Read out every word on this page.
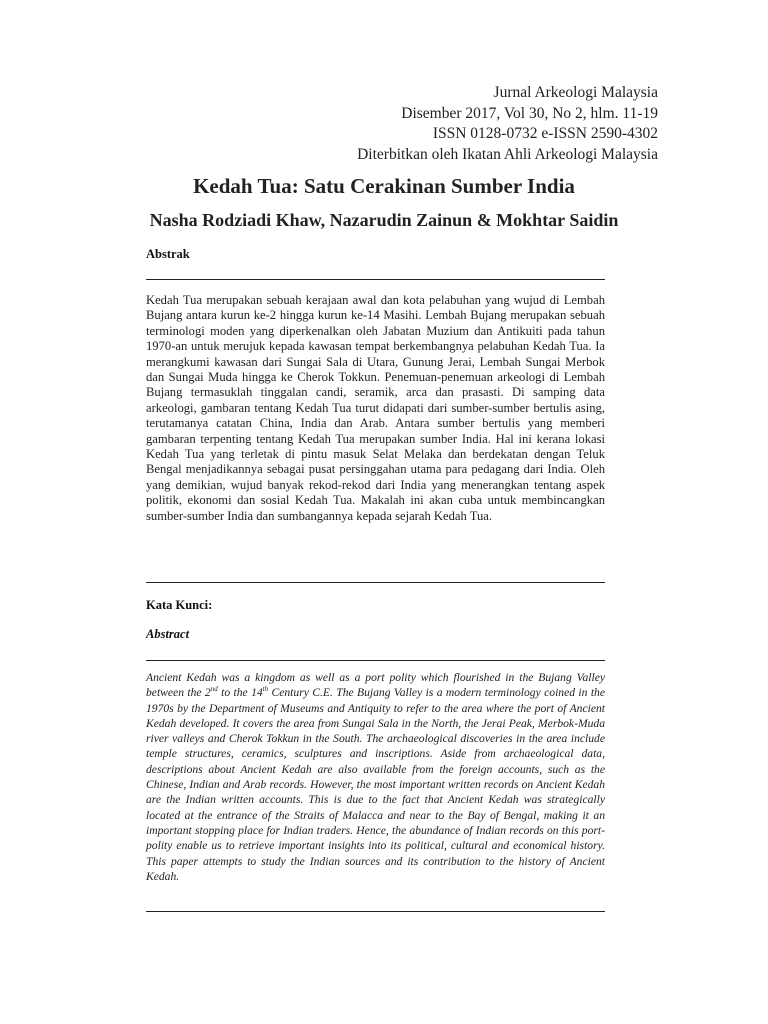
Jurnal Arkeologi Malaysia
Disember 2017, Vol 30, No 2, hlm. 11-19
ISSN 0128-0732 e-ISSN 2590-4302
Diterbitkan oleh Ikatan Ahli Arkeologi Malaysia
Kedah Tua: Satu Cerakinan Sumber India
Nasha Rodziadi Khaw, Nazarudin Zainun & Mokhtar Saidin
Abstrak
Kedah Tua merupakan sebuah kerajaan awal dan kota pelabuhan yang wujud di Lembah Bujang antara kurun ke-2 hingga kurun ke-14 Masihi. Lembah Bujang merupakan sebuah terminologi moden yang diperkenalkan oleh Jabatan Muzium dan Antikuiti pada tahun 1970-an untuk merujuk kepada kawasan tempat berkembangnya pelabuhan Kedah Tua. Ia merangkumi kawasan dari Sungai Sala di Utara, Gunung Jerai, Lembah Sungai Merbok dan Sungai Muda hingga ke Cherok Tokkun. Penemuan-penemuan arkeologi di Lembah Bujang termasuklah tinggalan candi, seramik, arca dan prasasti. Di samping data arkeologi, gambaran tentang Kedah Tua turut didapati dari sumber-sumber bertulis asing, terutamanya catatan China, India dan Arab. Antara sumber bertulis yang memberi gambaran terpenting tentang Kedah Tua merupakan sumber India. Hal ini kerana lokasi Kedah Tua yang terletak di pintu masuk Selat Melaka dan berdekatan dengan Teluk Bengal menjadikannya sebagai pusat persinggahan utama para pedagang dari India. Oleh yang demikian, wujud banyak rekod-rekod dari India yang menerangkan tentang aspek politik, ekonomi dan sosial Kedah Tua. Makalah ini akan cuba untuk membincangkan sumber-sumber India dan sumbangannya kepada sejarah Kedah Tua.
Kata Kunci:
Abstract
Ancient Kedah was a kingdom as well as a port polity which flourished in the Bujang Valley between the 2nd to the 14th Century C.E. The Bujang Valley is a modern terminology coined in the 1970s by the Department of Museums and Antiquity to refer to the area where the port of Ancient Kedah developed. It covers the area from Sungai Sala in the North, the Jerai Peak, Merbok-Muda river valleys and Cherok Tokkun in the South. The archaeological discoveries in the area include temple structures, ceramics, sculptures and inscriptions. Aside from archaeological data, descriptions about Ancient Kedah are also available from the foreign accounts, such as the Chinese, Indian and Arab records. However, the most important written records on Ancient Kedah are the Indian written accounts. This is due to the fact that Ancient Kedah was strategically located at the entrance of the Straits of Malacca and near to the Bay of Bengal, making it an important stopping place for Indian traders. Hence, the abundance of Indian records on this port-polity enable us to retrieve important insights into its political, cultural and economical history. This paper attempts to study the Indian sources and its contribution to the history of Ancient Kedah.
